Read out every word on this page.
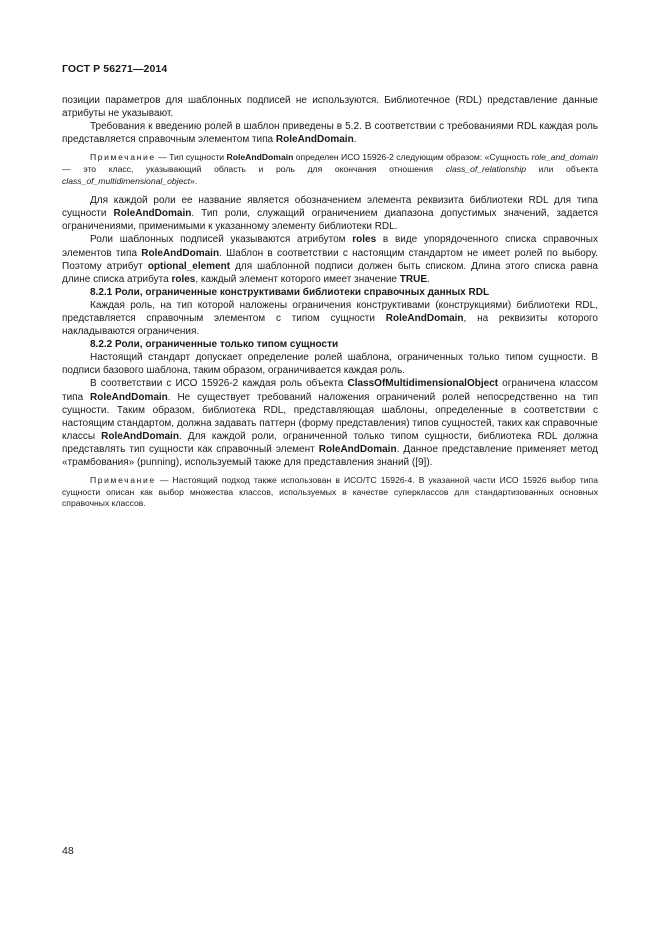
ГОСТ Р 56271—2014

позиции параметров для шаблонных подписей не используются. Библиотечное (RDL) представление данные атрибуты не указывают.

Требования к введению ролей в шаблон приведены в 5.2. В соответствии с требованиями RDL каждая роль представляется справочным элементом типа RoleAndDomain.

Примечание — Тип сущности RoleAndDomain определен ИСО 15926-2 следующим образом: «Сущность role_and_domain — это класс, указывающий область и роль для окончания отношения class_of_relationship или объекта class_of_multidimensional_object».

Для каждой роли ее название является обозначением элемента реквизита библиотеки RDL для типа сущности RoleAndDomain. Тип роли, служащий ограничением диапазона допустимых значений, задается ограничениями, применимыми к указанному элементу библиотеки RDL.

Роли шаблонных подписей указываются атрибутом roles в виде упорядоченного списка справочных элементов типа RoleAndDomain. Шаблон в соответствии с настоящим стандартом не имеет ролей по выбору. Поэтому атрибут optional_element для шаблонной подписи должен быть списком. Длина этого списка равна длине списка атрибута roles, каждый элемент которого имеет значение TRUE.

8.2.1 Роли, ограниченные конструктивами библиотеки справочных данных RDL

Каждая роль, на тип которой наложены ограничения конструктивами (конструкциями) библиотеки RDL, представляется справочным элементом с типом сущности RoleAndDomain, на реквизиты которого накладываются ограничения.

8.2.2 Роли, ограниченные только типом сущности

Настоящий стандарт допускает определение ролей шаблона, ограниченных только типом сущности. В подписи базового шаблона, таким образом, ограничивается каждая роль.

В соответствии с ИСО 15926-2 каждая роль объекта ClassOfMultidimensionalObject ограничена классом типа RoleAndDomain. Не существует требований наложения ограничений ролей непосредственно на тип сущности. Таким образом, библиотека RDL, представляющая шаблоны, определенные в соответствии с настоящим стандартом, должна задавать паттерн (форму представления) типов сущностей, таких как справочные классы RoleAndDomain. Для каждой роли, ограниченной только типом сущности, библиотека RDL должна представлять тип сущности как справочный элемент RoleAndDomain. Данное представление применяет метод «трамбования» (punning), используемый также для представления знаний ([9]).

Примечание — Настоящий подход также использован в ИСО/ТС 15926-4. В указанной части ИСО 15926 выбор типа сущности описан как выбор множества классов, используемых в качестве суперклассов для стандартизованных основных справочных классов.

48
